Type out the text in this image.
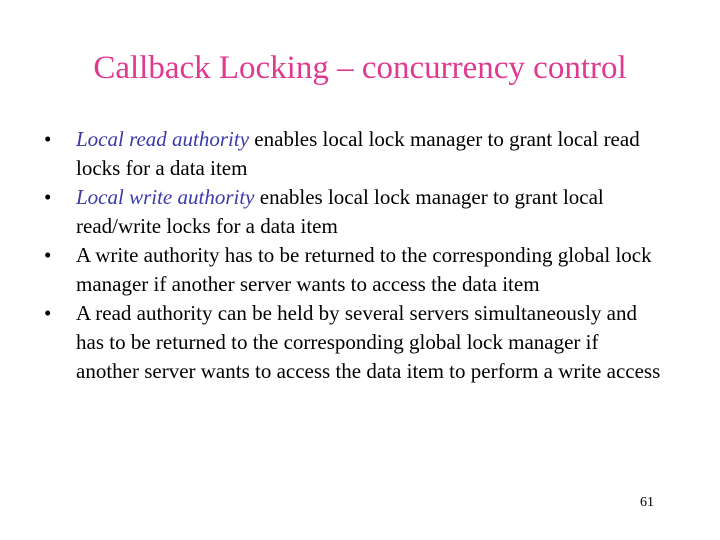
Callback Locking – concurrency control
•	Local read authority enables local lock manager to grant local read locks for a data item
•	Local write authority enables local lock manager to grant local read/write locks for a data item
•	A write authority has to be returned to the corresponding global lock manager if another server wants to access the data item
•	A read authority can be held by several servers simultaneously and has to be returned to the corresponding global lock manager if another server wants to access the data item to perform a write access
61
